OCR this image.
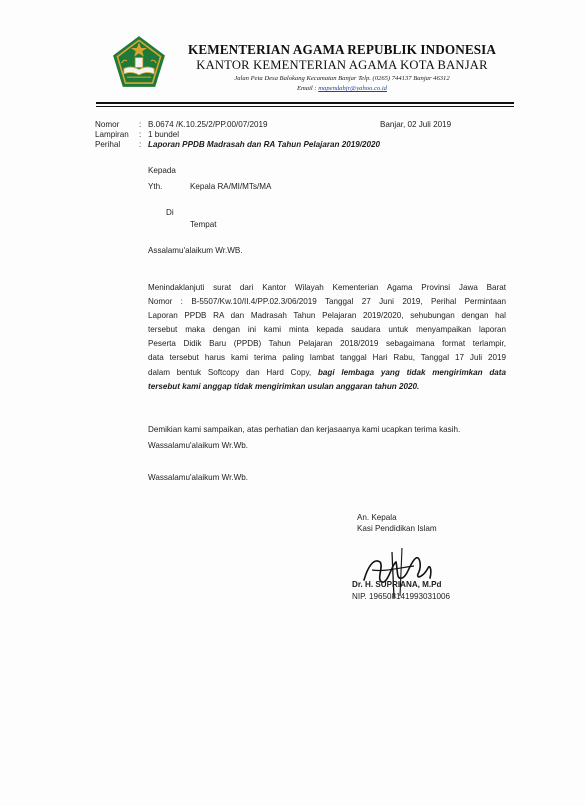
KEMENTERIAN AGAMA REPUBLIK INDONESIA
KANTOR KEMENTERIAN AGAMA KOTA BANJAR
Jalan Peta Desa Balokang Kecamatan Banjar Telp. (0265) 744137 Banjar 46312
Email : mapendabjr@yahoo.co.id
Nomor : B.0674 /K.10.25/2/PP.00/07/2019	Banjar, 02 Juli 2019
Lampiran : 1 bundel
Perihal : Laporan PPDB Madrasah dan RA Tahun Pelajaran 2019/2020
Kepada
Yth.	Kepala RA/MI/MTs/MA
Di
Tempat
Assalamu'alaikum Wr.WB.
Menindaklanjuti surat dari Kantor Wilayah Kementerian Agama Provinsi Jawa Barat
Nomor : B-5507/Kw.10/II.4/PP.02.3/06/2019 Tanggal 27 Juni 2019, Perihal Permintaan
Laporan PPDB RA dan Madrasah Tahun Pelajaran 2019/2020, sehubungan dengan hal
tersebut maka dengan ini kami minta kepada saudara untuk menyampaikan laporan
Peserta Didik Baru (PPDB) Tahun Pelajaran 2018/2019 sebagaimana format terlampir,
data tersebut harus kami terima paling lambat tanggal Hari Rabu, Tanggal 17 Juli 2019
dalam bentuk Softcopy dan Hard Copy, bagi lembaga yang tidak mengirimkan data
tersebut kami anggap tidak mengirimkan usulan anggaran tahun 2020.
Demikian kami sampaikan, atas perhatian dan kerjasaanya kami ucapkan terima kasih.
Wassalamu'alaikum Wr.Wb.
Wassalamu'alaikum Wr.Wb.
An. Kepala
Kasi Pendidikan Islam
Dr. H. SUPRIANA, M.Pd
NIP. 196508141993031006
